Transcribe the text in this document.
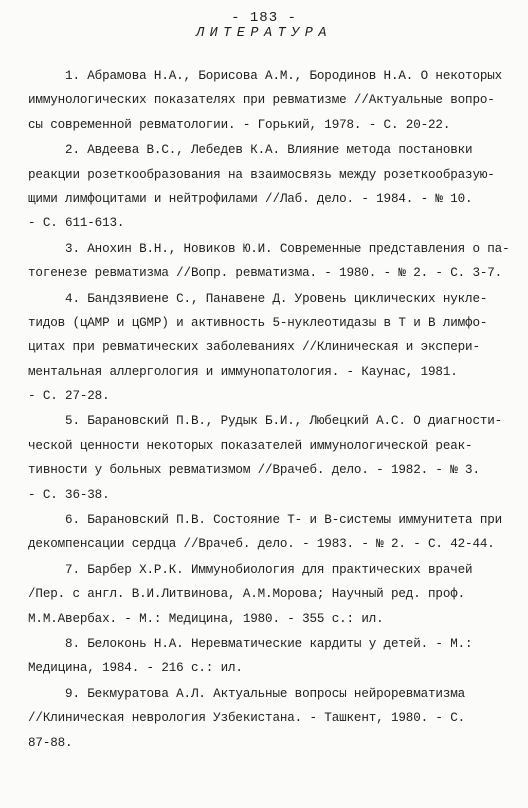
- 183 -
ЛИТЕРАТУРА
1. Абрамова Н.А., Борисова А.М., Бородинов Н.А. О некоторых
иммунологических показателях при ревматизме //Актуальные вопро-
сы современной ревматологии. - Горький, 1978. - С. 20-22.
2. Авдеева В.С., Лебедев К.А. Влияние метода постановки
реакции розеткообразования на взаимосвязь между розеткообразую-
щими лимфоцитами и нейтрофилами //Лаб. дело. - 1984. - № 10.
- С. 611-613.
3. Анохин В.Н., Новиков Ю.И. Современные представления о па-
тогенезе ревматизма //Вопр. ревматизма. - 1980. - № 2. - С. 3-7.
4. Бандзявиене С., Панавене Д. Уровень циклических нукле-
тидов (цАМР и цGМР) и активность 5-нуклеотидазы в Т и В лимфо-
цитах при ревматических заболеваниях //Клиническая и экспери-
ментальная аллергология и иммунопатология. - Каунас, 1981.
- С. 27-28.
5. Барановский П.В., Рудык Б.И., Любецкий А.С. О диагности-
ческой ценности некоторых показателей иммунологической реак-
тивности у больных ревматизмом //Врачеб. дело. - 1982. - № 3.
- С. 36-38.
6. Барановский П.В. Состояние Т- и В-системы иммунитета при
декомпенсации сердца //Врачеб. дело. - 1983. - № 2. - С. 42-44.
7. Барбер Х.Р.К. Иммунобиология для практических врачей
/Пер. с англ. В.И.Литвинова, А.М.Морова; Научный ред. проф.
М.М.Авербах. - М.: Медицина, 1980. - 355 с.: ил.
8. Белоконь Н.А. Неревматические кардиты у детей. - М.:
Медицина, 1984. - 216 с.: ил.
9. Бекмуратова А.Л. Актуальные вопросы нейроревматизма
//Клиническая неврология Узбекистана. - Ташкент, 1980. - С.
87-88.
